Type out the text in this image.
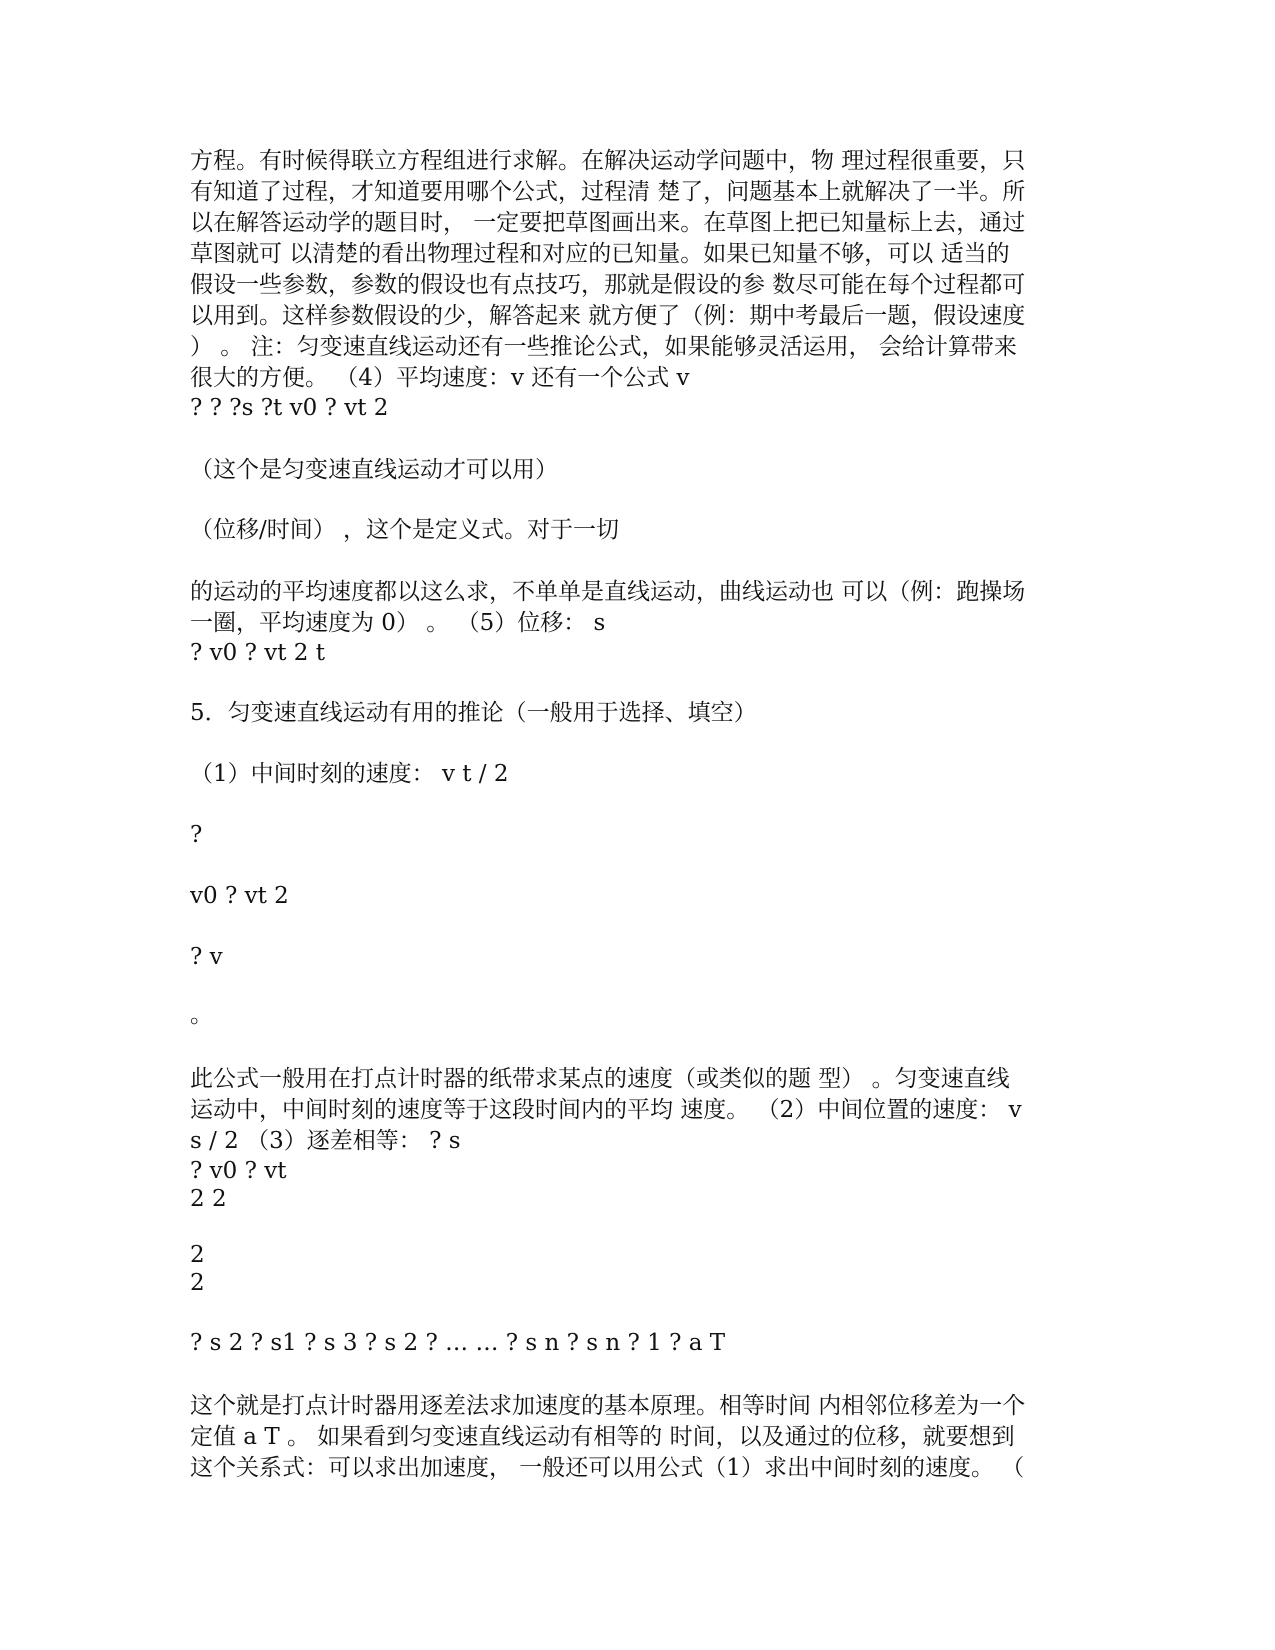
方程。有时候得联立方程组进行求解。在解决运动学问题中，物 理过程很重要，只
有知道了过程，才知道要用哪个公式，过程清 楚了，问题基本上就解决了一半。所
以在解答运动学的题目时， 一定要把草图画出来。在草图上把已知量标上去，通过
草图就可 以清楚的看出物理过程和对应的已知量。如果已知量不够，可以 适当的
假设一些参数，参数的假设也有点技巧，那就是假设的参 数尽可能在每个过程都可
以用到。这样参数假设的少，解答起来 就方便了（例：期中考最后一题，假设速度
） 。 注：匀变速直线运动还有一些推论公式，如果能够灵活运用， 会给计算带来
很大的方便。 （4）平均速度：v 还有一个公式 v
? ? ?s ?t v0 ? vt 2
（这个是匀变速直线运动才可以用）
（位移/时间） ，这个是定义式。对于一切
的运动的平均速度都以这么求，不单单是直线运动，曲线运动也 可以（例：跑操场
一圈，平均速度为 0） 。 （5）位移： s
? v0 ? vt 2 t
5．匀变速直线运动有用的推论（一般用于选择、填空）
（1）中间时刻的速度： v t / 2
?
v0 ? vt 2
? v
。
此公式一般用在打点计时器的纸带求某点的速度（或类似的题 型） 。匀变速直线
运动中，中间时刻的速度等于这段时间内的平均 速度。 （2）中间位置的速度： v
s / 2 （3）逐差相等： ? s
? v0 ? vt
2 2
2
2
? s 2 ? s1 ? s 3 ? s 2 ? … … ? s n ? s n ? 1 ? a T
这个就是打点计时器用逐差法求加速度的基本原理。相等时间 内相邻位移差为一个
定值 a T 。 如果看到匀变速直线运动有相等的 时间，以及通过的位移，就要想到
这个关系式：可以求出加速度， 一般还可以用公式（1）求出中间时刻的速度。 （
